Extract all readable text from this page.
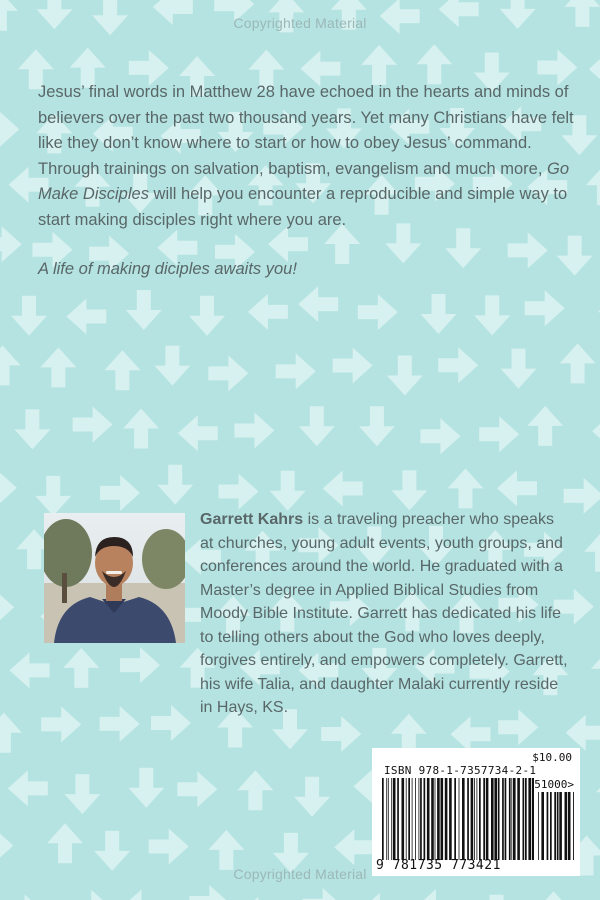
Copyrighted Material

Jesus’ final words in Matthew 28 have echoed in the hearts and minds of believers over the past two thousand years. Yet many Christians have felt like they don’t know where to start or how to obey Jesus’ command. Through trainings on salvation, baptism, evangelism and much more, Go Make Disciples will help you encounter a reproducible and simple way to start making disciples right where you are.

A life of making diciples awaits you!

Garrett Kahrs is a traveling preacher who speaks at churches, young adult events, youth groups, and conferences around the world. He graduated with a Master’s degree in Applied Biblical Studies from Moody Bible Institute. Garrett has dedicated his life to telling others about the God who loves deeply, forgives entirely, and empowers completely. Garrett, his wife Talia, and daughter Malaki currently reside in Hays, KS.
$10.00
ISBN 978-1-7357734-2-1
51000>
9 781735 773421
Copyrighted Material
